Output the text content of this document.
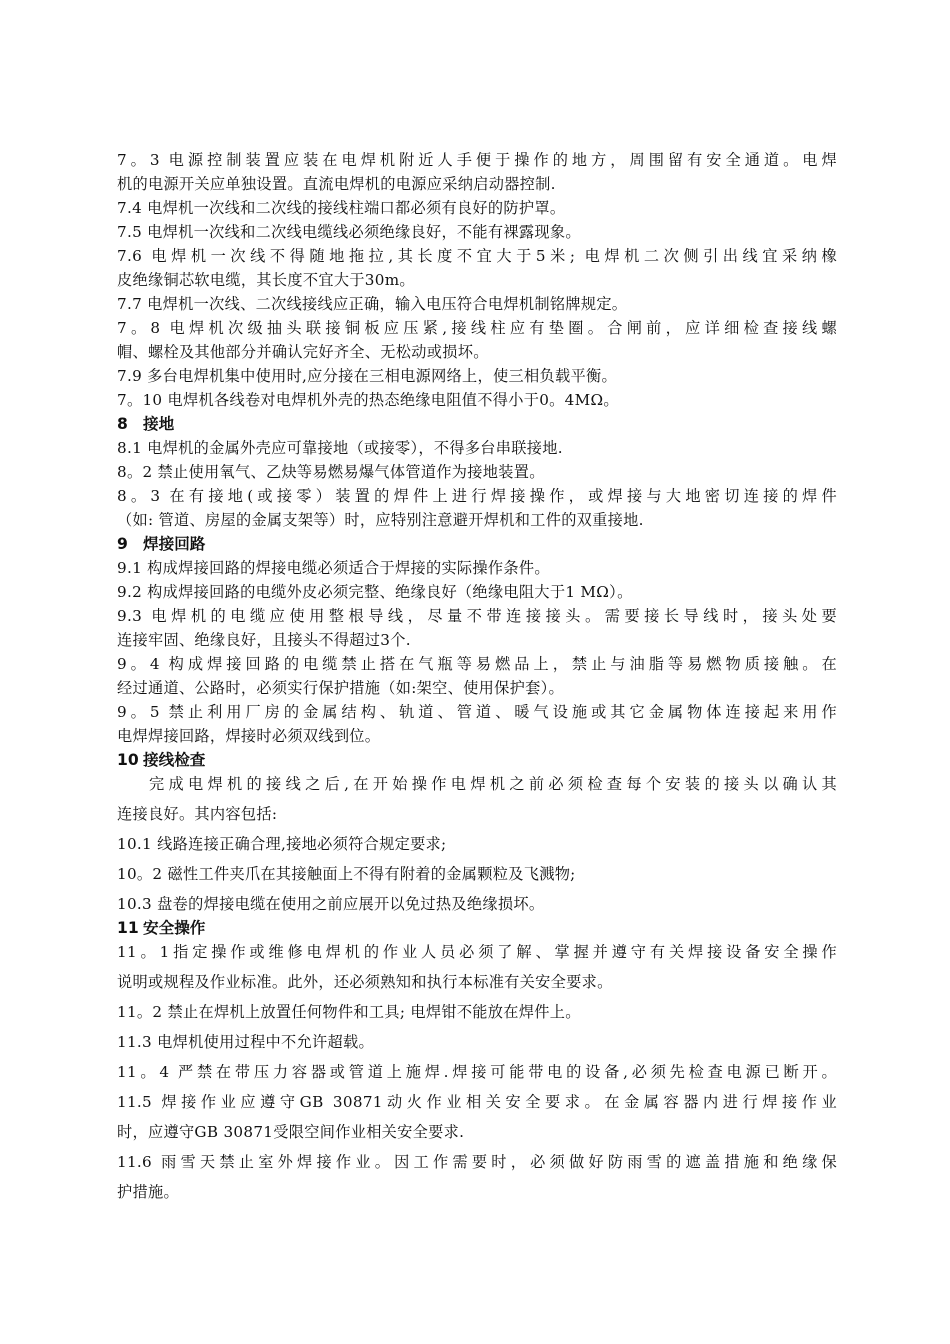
7。3 电源控制装置应装在电焊机附近人手便于操作的地方，周围留有安全通道。电焊
机的电源开关应单独设置。直流电焊机的电源应采纳启动器控制.
7.4 电焊机一次线和二次线的接线柱端口都必须有良好的防护罩。
7.5 电焊机一次线和二次线电缆线必须绝缘良好，不能有裸露现象。
7.6 电焊机一次线不得随地拖拉,其长度不宜大于5米; 电焊机二次侧引出线宜采纳橡
皮绝缘铜芯软电缆，其长度不宜大于30m。
7.7 电焊机一次线、二次线接线应正确，输入电压符合电焊机制铭牌规定。
7。8 电焊机次级抽头联接铜板应压紧,接线柱应有垫圈。合闸前，应详细检查接线螺
帽、螺栓及其他部分并确认完好齐全、无松动或损坏。
7.9 多台电焊机集中使用时,应分接在三相电源网络上，使三相负载平衡。
7。10 电焊机各线卷对电焊机外壳的热态绝缘电阻值不得小于0。4MΩ。
8 接地
8.1 电焊机的金属外壳应可靠接地（或接零），不得多台串联接地.
8。2 禁止使用氧气、乙炔等易燃易爆气体管道作为接地装置。
8。3 在有接地(或接零）装置的焊件上进行焊接操作，或焊接与大地密切连接的焊件
（如: 管道、房屋的金属支架等）时，应特别注意避开焊机和工件的双重接地.
9 焊接回路
9.1 构成焊接回路的焊接电缆必须适合于焊接的实际操作条件。
9.2 构成焊接回路的电缆外皮必须完整、绝缘良好（绝缘电阻大于1 MΩ）。
9.3 电焊机的电缆应使用整根导线，尽量不带连接接头。需要接长导线时，接头处要
连接牢固、绝缘良好，且接头不得超过3个.
9。4 构成焊接回路的电缆禁止搭在气瓶等易燃品上，禁止与油脂等易燃物质接触。在
经过通道、公路时，必须实行保护措施（如:架空、使用保护套）。
9。5 禁止利用厂房的金属结构、轨道、管道、暖气设施或其它金属物体连接起来用作
电焊焊接回路，焊接时必须双线到位。
10 接线检查
完成电焊机的接线之后,在开始操作电焊机之前必须检查每个安装的接头以确认其
连接良好。其内容包括:
10.1 线路连接正确合理,接地必须符合规定要求;
10。2 磁性工件夹爪在其接触面上不得有附着的金属颗粒及飞溅物;
10.3 盘卷的焊接电缆在使用之前应展开以免过热及绝缘损坏。
11 安全操作
11。1指定操作或维修电焊机的作业人员必须了解、掌握并遵守有关焊接设备安全操作
说明或规程及作业标准。此外，还必须熟知和执行本标准有关安全要求。
11。2 禁止在焊机上放置任何物件和工具; 电焊钳不能放在焊件上。
11.3 电焊机使用过程中不允许超载。
11。4 严禁在带压力容器或管道上施焊.焊接可能带电的设备,必须先检查电源已断开。
11.5 焊接作业应遵守GB 30871动火作业相关安全要求。在金属容器内进行焊接作业
时，应遵守GB 30871受限空间作业相关安全要求.
11.6 雨雪天禁止室外焊接作业。因工作需要时，必须做好防雨雪的遮盖措施和绝缘保
护措施。
